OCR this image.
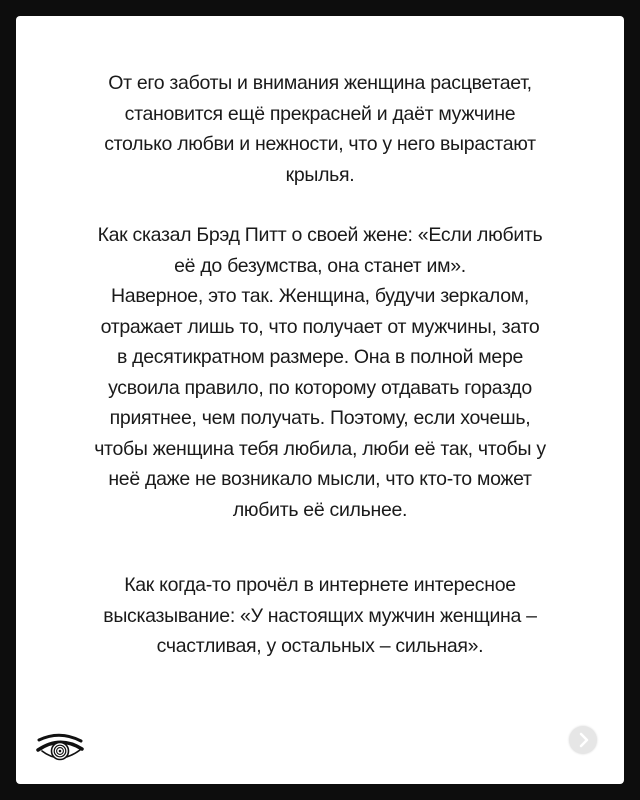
От его заботы и внимания женщина расцветает,

становится ещё прекрасней и даёт мужчине

столько любви и нежности, что у него вырастают

крылья.

Как сказал Брэд Питт о своей жене: «Если любить

её до безумства, она станет им».

Наверное, это так. Женщина, будучи зеркалом,

отражает лишь то, что получает от мужчины, зато

в десятикратном размере. Она в полной мере

усвоила правило, по которому отдавать гораздо

приятнее, чем получать. Поэтому, если хочешь,

чтобы женщина тебя любила, люби её так, чтобы у

неё даже не возникало мысли, что кто-то может

любить её сильнее.

Как когда-то прочёл в интернете интересное

высказывание: «У настоящих мужчин женщина –

счастливая, у остальных – сильная».
